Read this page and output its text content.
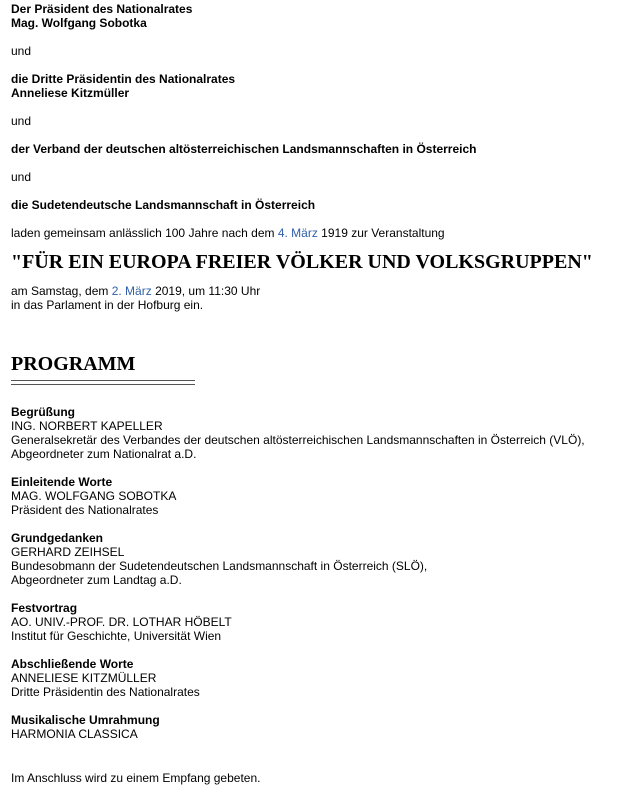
Der Präsident des Nationalrates

Mag. Wolfgang Sobotka

und

die Dritte Präsidentin des Nationalrates

Anneliese Kitzmüller

und

der Verband der deutschen altösterreichischen Landsmannschaften in Österreich

und

die Sudetendeutsche Landsmannschaft in Österreich

laden gemeinsam anlässlich 100 Jahre nach dem 4. März 1919 zur Veranstaltung

"FÜR EIN EUROPA FREIER VÖLKER UND VOLKSGRUPPEN"

am Samstag, dem 2. März 2019, um 11:30 Uhr

in das Parlament in der Hofburg ein.

PROGRAMM

Begrüßung

ING. NORBERT KAPELLER

Generalsekretär des Verbandes der deutschen altösterreichischen Landsmannschaften in Österreich (VLÖ),

Abgeordneter zum Nationalrat a.D.

Einleitende Worte

MAG. WOLFGANG SOBOTKA

Präsident des Nationalrates

Grundgedanken

GERHARD ZEIHSEL

Bundesobmann der Sudetendeutschen Landsmannschaft in Österreich (SLÖ),

Abgeordneter zum Landtag a.D.

Festvortrag

AO. UNIV.-PROF. DR. LOTHAR HÖBELT

Institut für Geschichte, Universität Wien

Abschließende Worte

ANNELIESE KITZMÜLLER

Dritte Präsidentin des Nationalrates

Musikalische Umrahmung

HARMONIA CLASSICA

Im Anschluss wird zu einem Empfang gebeten.
